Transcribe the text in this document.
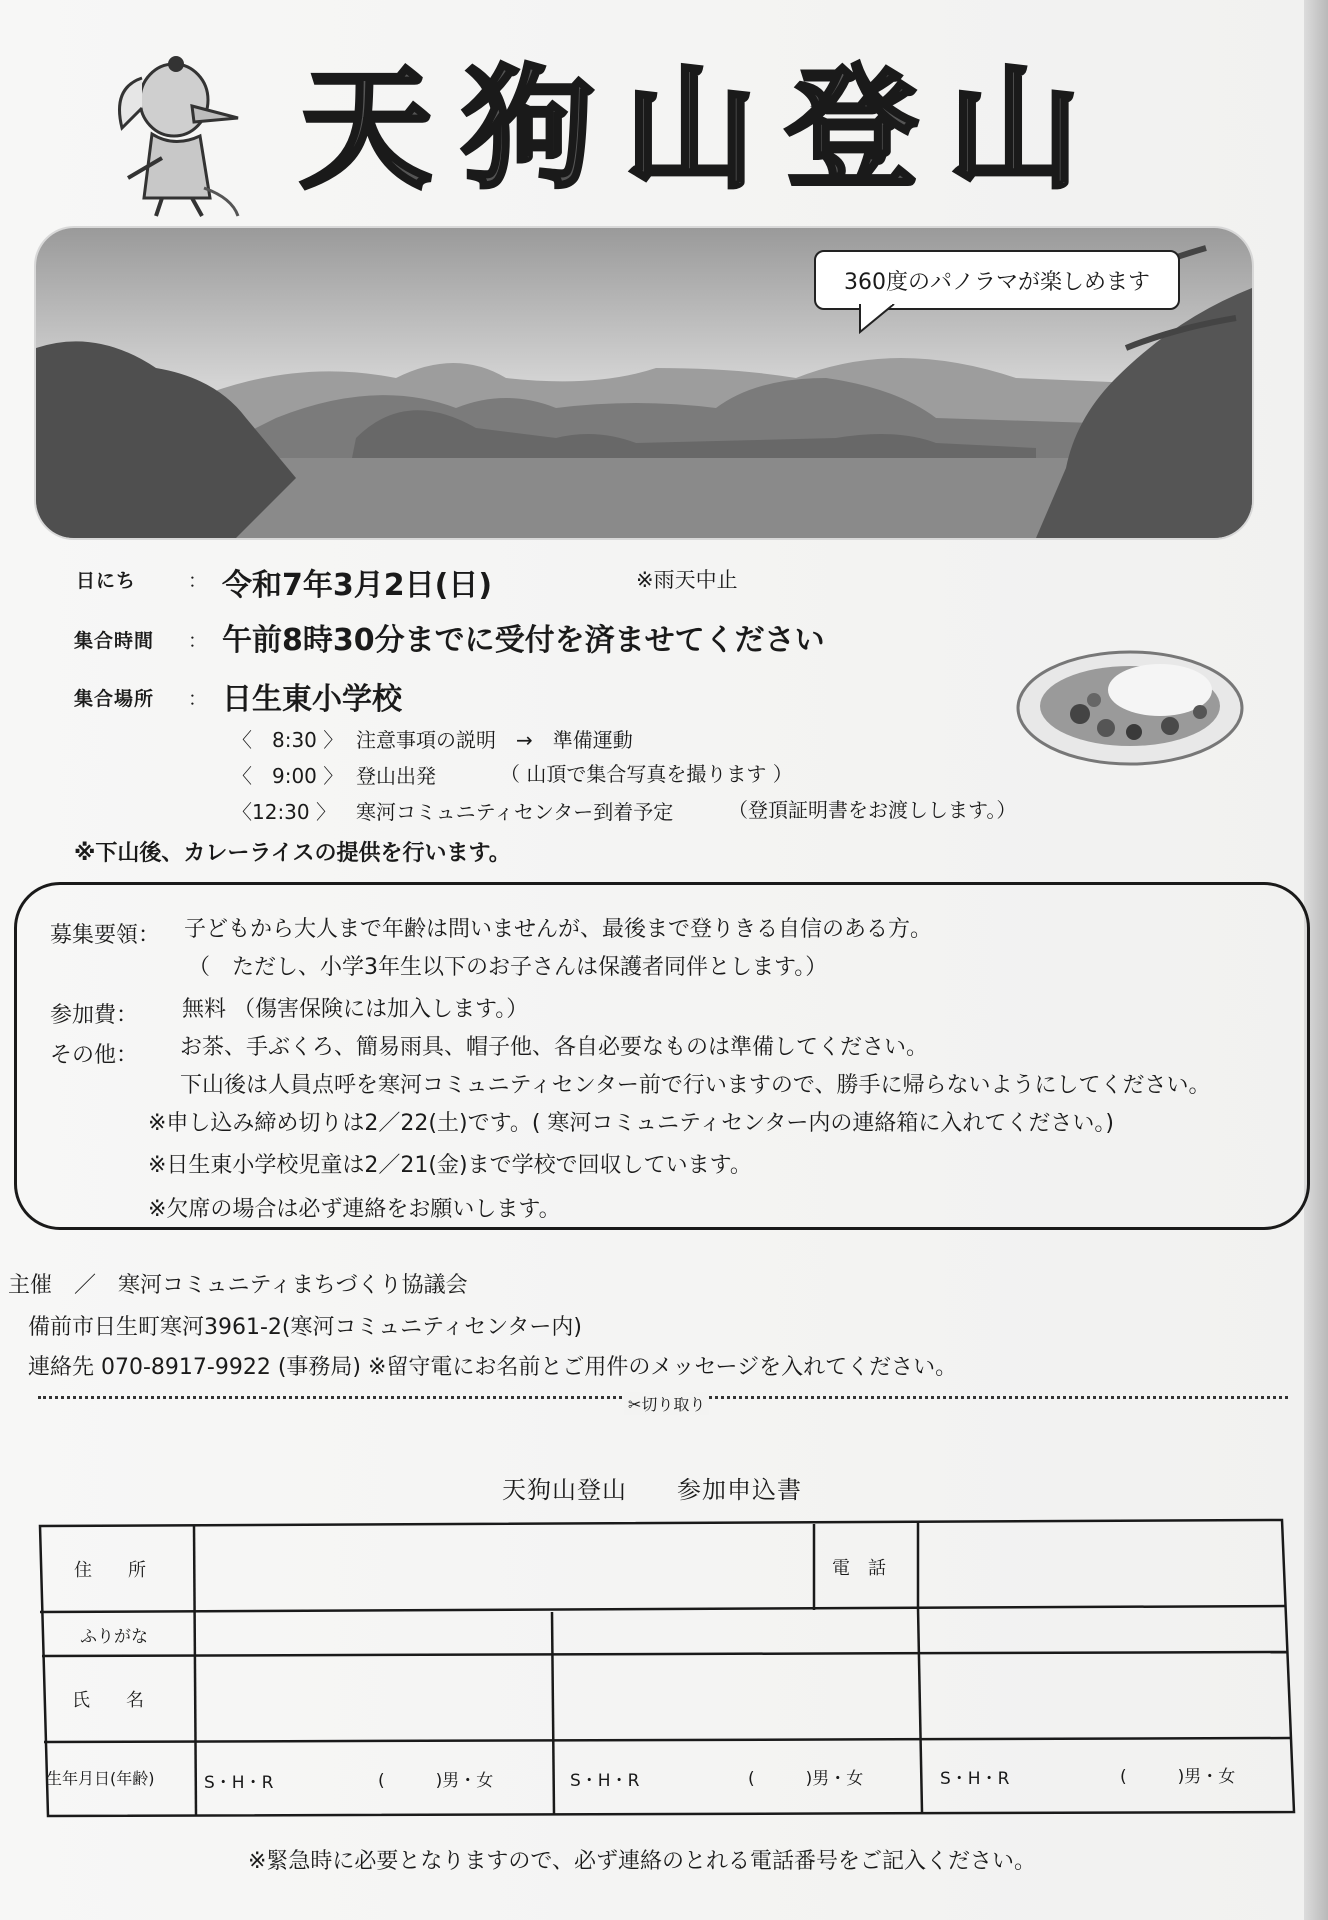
天狗山登山
360度のパノラマが楽しめます
日にち	： 令和7年3月2日(日)	※雨天中止
集合時間 ： 午前8時30分までに受付を済ませてください
集合場所 ： 日生東小学校
〈　8:30 〉 注意事項の説明　→　準備運動
〈　9:00 〉 登山出発	（ 山頂で集合写真を撮ります ）
〈12:30 〉 寒河コミュニティセンター到着予定	（登頂証明書をお渡しします。）
※下山後、カレーライスの提供を行います。
募集要領： 子どもから大人まで年齢は問いませんが、最後まで登りきる自信のある方。
（　ただし、小学3年生以下のお子さんは保護者同伴とします。）
参加費： 無料 （傷害保険には加入します。）
その他： お茶、手ぶくろ、簡易雨具、帽子他、各自必要なものは準備してください。
下山後は人員点呼を寒河コミュニティセンター前で行いますので、勝手に帰らないようにしてください。
※申し込み締め切りは2／22(土)です。( 寒河コミュニティセンター内の連絡箱に入れてください。)
※日生東小学校児童は2／21(金)まで学校で回収しています。
※欠席の場合は必ず連絡をお願いします。
主催　／　寒河コミュニティまちづくり協議会
備前市日生町寒河3961-2(寒河コミュニティセンター内)
連絡先 070-8917-9922 (事務局) ※留守電にお名前とご用件のメッセージを入れてください。
✂切り取り
天狗山登山　　参加申込書
住　　所	電　話
ふりがな
氏　　名
生年月日(年齢)	S・H・R	(　　　)男・女	S・H・R	(　　　)男・女	S・H・R	(　　　)男・女
※緊急時に必要となりますので、必ず連絡のとれる電話番号をご記入ください。
